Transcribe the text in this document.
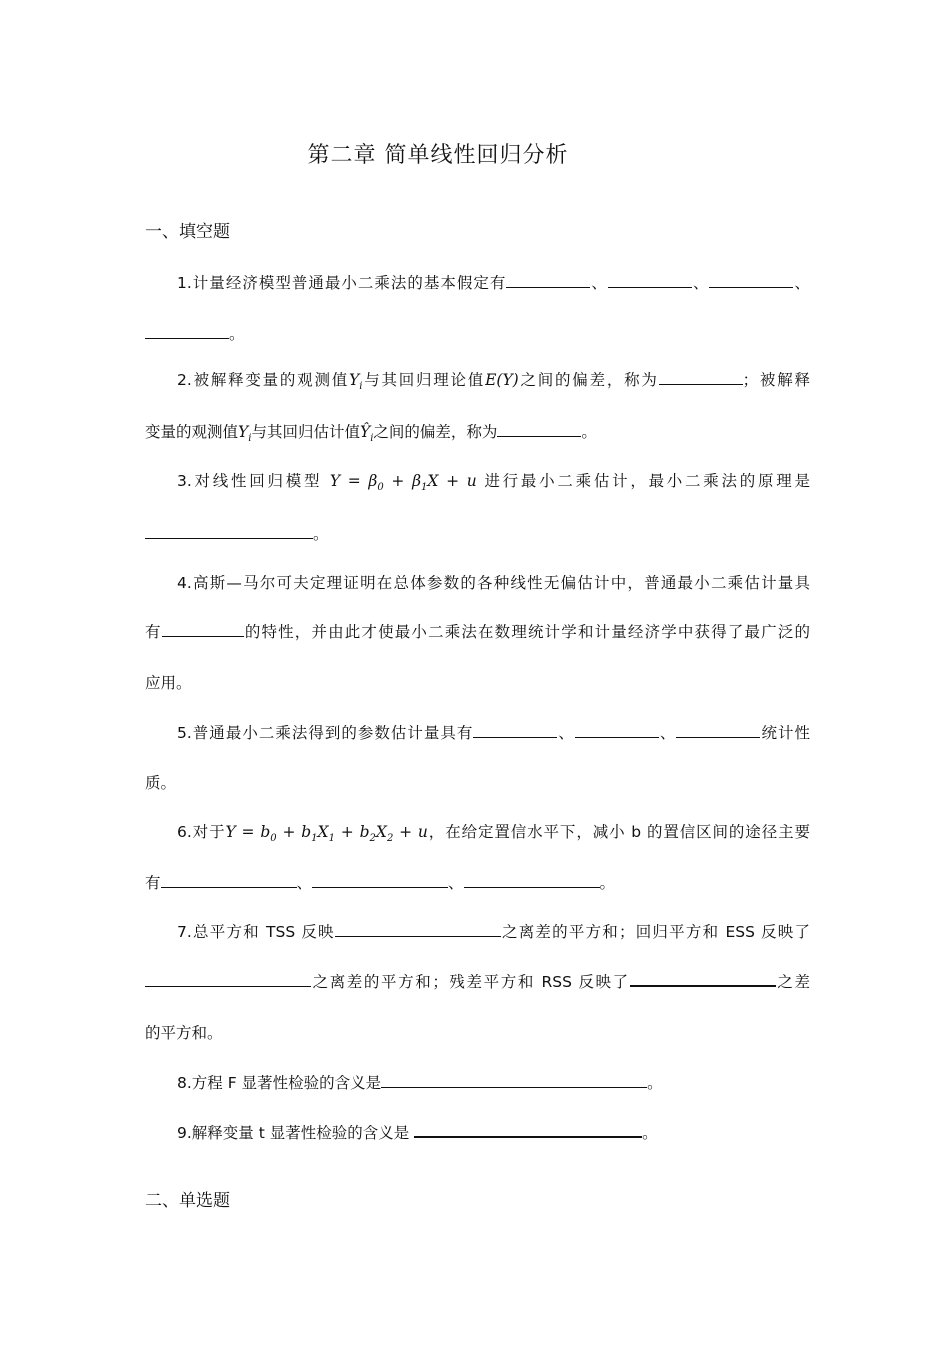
第二章 简单线性回归分析
一、填空题
1.计量经济模型普通最小二乘法的基本假定有	、	、	、
。
2.被解释变量的观测值$Y_i$与其回归理论值E(Y)之间的偏差，称为	；被解释
变量的观测值$Y_i$与其回归估计值$Ŷ_i$之间的偏差，称为	。
3.对线性回归模型 $Y = \beta_0 + \beta_1X + u$ 进行最小二乘估计，最小二乘法的原理是
。
4.高斯—马尔可夫定理证明在总体参数的各种线性无偏估计中，普通最小二乘估计量具
有	的特性，并由此才使最小二乘法在数理统计学和计量经济学中获得了最广泛的
应用。
5.普通最小二乘法得到的参数估计量具有	、	、	统计性
质。
6.对于$Y = b_0 + b_1X_1 + b_2X_2 + u$，在给定置信水平下，减小 b 的置信区间的途径主要
有	、	、	。
7.总平方和 TSS 反映	之离差的平方和；回归平方和 ESS 反映了
之离差的平方和；残差平方和 RSS 反映了	之差
的平方和。
8.方程 F 显著性检验的含义是	。
9.解释变量 t 显著性检验的含义是	。
二、单选题
